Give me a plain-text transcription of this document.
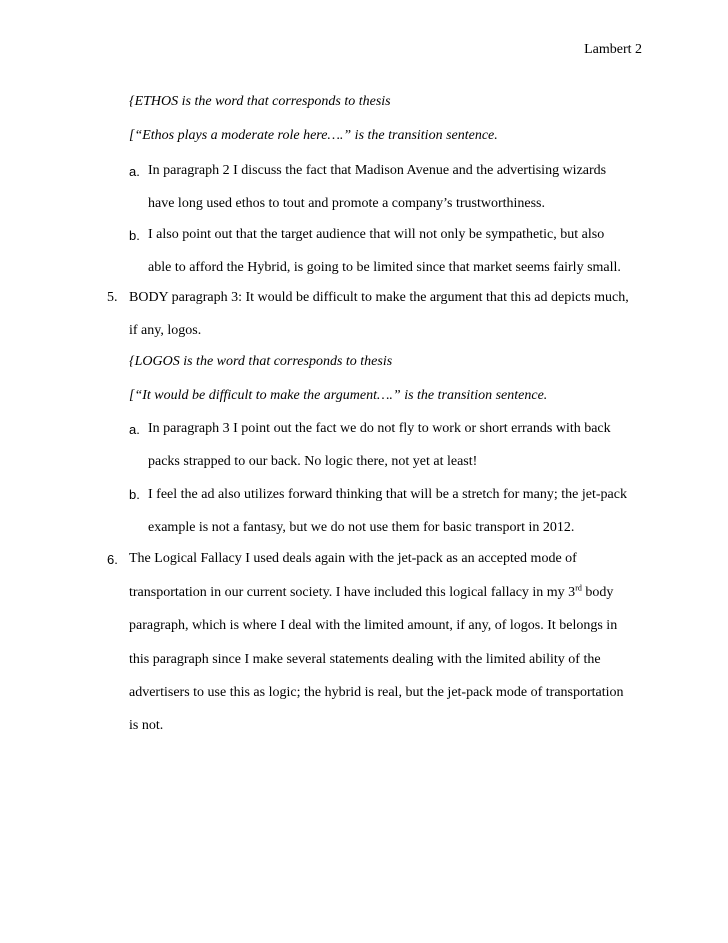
Lambert 2
{ETHOS is the word that corresponds to thesis
[“Ethos plays a moderate role here….” is the transition sentence.
a. In paragraph 2 I discuss the fact that Madison Avenue and the advertising wizards
have long used ethos to tout and promote a company’s trustworthiness.
b. I also point out that the target audience that will not only be sympathetic, but also
able to afford the Hybrid, is going to be limited since that market seems fairly small.
5. BODY paragraph 3: It would be difficult to make the argument that this ad depicts much,
if any, logos.
{LOGOS is the word that corresponds to thesis
[“It would be difficult to make the argument….” is the transition sentence.
a. In paragraph 3 I point out the fact we do not fly to work or short errands with back
packs strapped to our back. No logic there, not yet at least!
b. I feel the ad also utilizes forward thinking that will be a stretch for many; the jet-pack
example is not a fantasy, but we do not use them for basic transport in 2012.
6. The Logical Fallacy I used deals again with the jet-pack as an accepted mode of
transportation in our current society. I have included this logical fallacy in my 3rd body
paragraph, which is where I deal with the limited amount, if any, of logos. It belongs in
this paragraph since I make several statements dealing with the limited ability of the
advertisers to use this as logic; the hybrid is real, but the jet-pack mode of transportation
is not.
